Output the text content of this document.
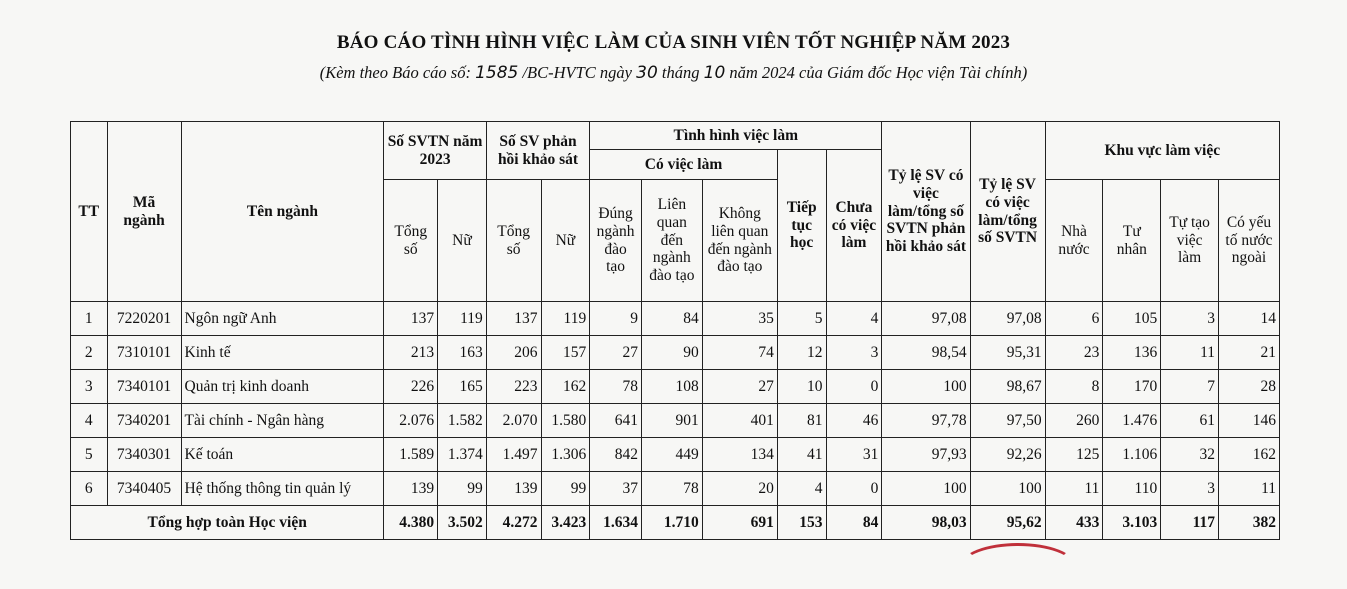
BÁO CÁO TÌNH HÌNH VIỆC LÀM CỦA SINH VIÊN TỐT NGHIỆP NĂM 2023
(Kèm theo Báo cáo số: 1585 /BC-HVTC ngày 30 tháng 10 năm 2024 của Giám đốc Học viện Tài chính)
TT	Mã ngành	Tên ngành	Số SVTN năm 2023		Số SV phản hồi khảo sát		Tình hình việc làm					Tỷ lệ SV có việc làm/tổng số SVTN phản hồi khảo sát	Tỷ lệ SV có việc làm/tổng số SVTN	Khu vực làm việc			
							Có việc làm			Tiếp tục học	Chưa có việc làm						
			Tổng số	Nữ	Tổng số	Nữ	Đúng ngành đào tạo	Liên quan đến ngành đào tạo	Không liên quan đến ngành đào tạo					Nhà nước	Tư nhân	Tự tạo việc làm	Có yếu tố nước ngoài
1	7220201	Ngôn ngữ Anh	137	119	137	119	9	84	35	5	4	97,08	97,08	6	105	3	14
2	7310101	Kinh tế	213	163	206	157	27	90	74	12	3	98,54	95,31	23	136	11	21
3	7340101	Quản trị kinh doanh	226	165	223	162	78	108	27	10	0	100	98,67	8	170	7	28
4	7340201	Tài chính - Ngân hàng	2.076	1.582	2.070	1.580	641	901	401	81	46	97,78	97,50	260	1.476	61	146
5	7340301	Kế toán	1.589	1.374	1.497	1.306	842	449	134	41	31	97,93	92,26	125	1.106	32	162
6	7340405	Hệ thống thông tin quản lý	139	99	139	99	37	78	20	4	0	100	100	11	110	3	11
Tổng hợp toàn Học viện			4.380	3.502	4.272	3.423	1.634	1.710	691	153	84	98,03	95,62	433	3.103	117	382
